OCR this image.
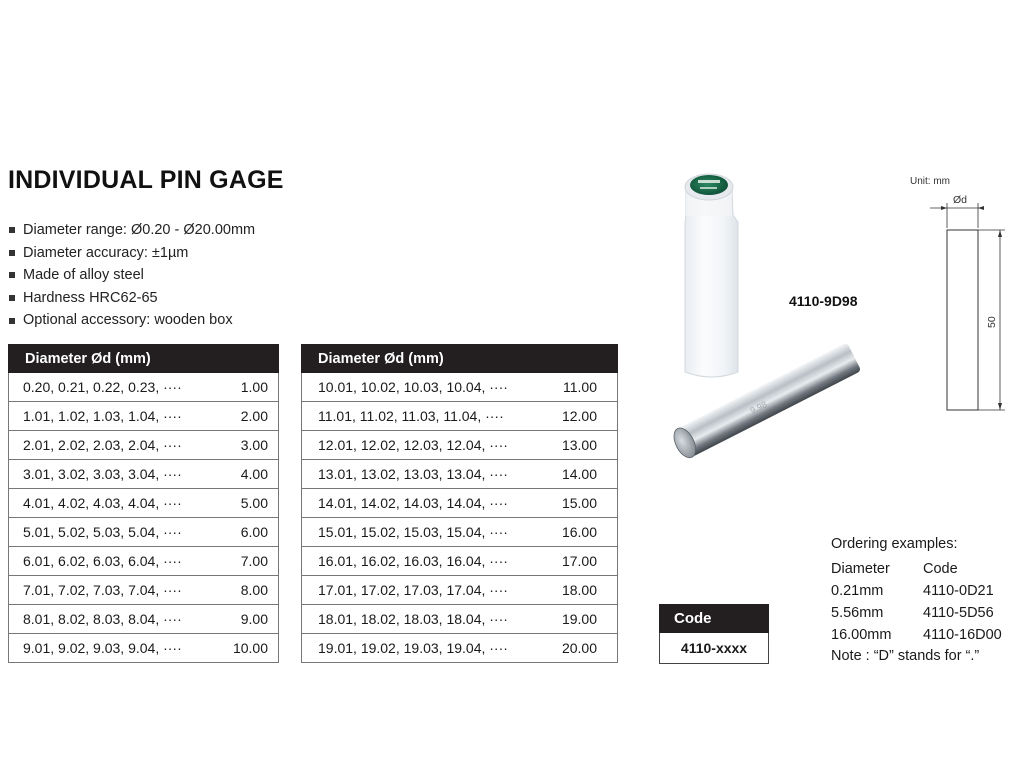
INDIVIDUAL PIN GAGE
Diameter range: Ø0.20 - Ø20.00mm
Diameter accuracy: ±1µm
Made of alloy steel
Hardness HRC62-65
Optional accessory: wooden box
Diameter Ød (mm)

0.20, 0.21, 0.22, 0.23, ····	1.00

1.01, 1.02, 1.03, 1.04, ····	2.00

2.01, 2.02, 2.03, 2.04, ····	3.00

3.01, 3.02, 3.03, 3.04, ····	4.00

4.01, 4.02, 4.03, 4.04, ····	5.00

5.01, 5.02, 5.03, 5.04, ····	6.00

6.01, 6.02, 6.03, 6.04, ····	7.00

7.01, 7.02, 7.03, 7.04, ····	8.00

8.01, 8.02, 8.03, 8.04, ····	9.00

9.01, 9.02, 9.03, 9.04, ····	10.00
Diameter Ød (mm)

10.01, 10.02, 10.03, 10.04, ····	11.00

11.01, 11.02, 11.03, 11.04, ····	12.00

12.01, 12.02, 12.03, 12.04, ····	13.00

13.01, 13.02, 13.03, 13.04, ····	14.00

14.01, 14.02, 14.03, 14.04, ····	15.00

15.01, 15.02, 15.03, 15.04, ····	16.00

16.01, 16.02, 16.03, 16.04, ····	17.00

17.01, 17.02, 17.03, 17.04, ····	18.00

18.01, 18.02, 18.03, 18.04, ····	19.00

19.01, 19.02, 19.03, 19.04, ····	20.00
9.98
4110-9D98
Unit: mm
Ød
50
Code
4110-xxxx
Ordering examples:
Diameter	Code
0.21mm	4110-0D21
5.56mm	4110-5D56
16.00mm	4110-16D00
Note : “D” stands for “.”
